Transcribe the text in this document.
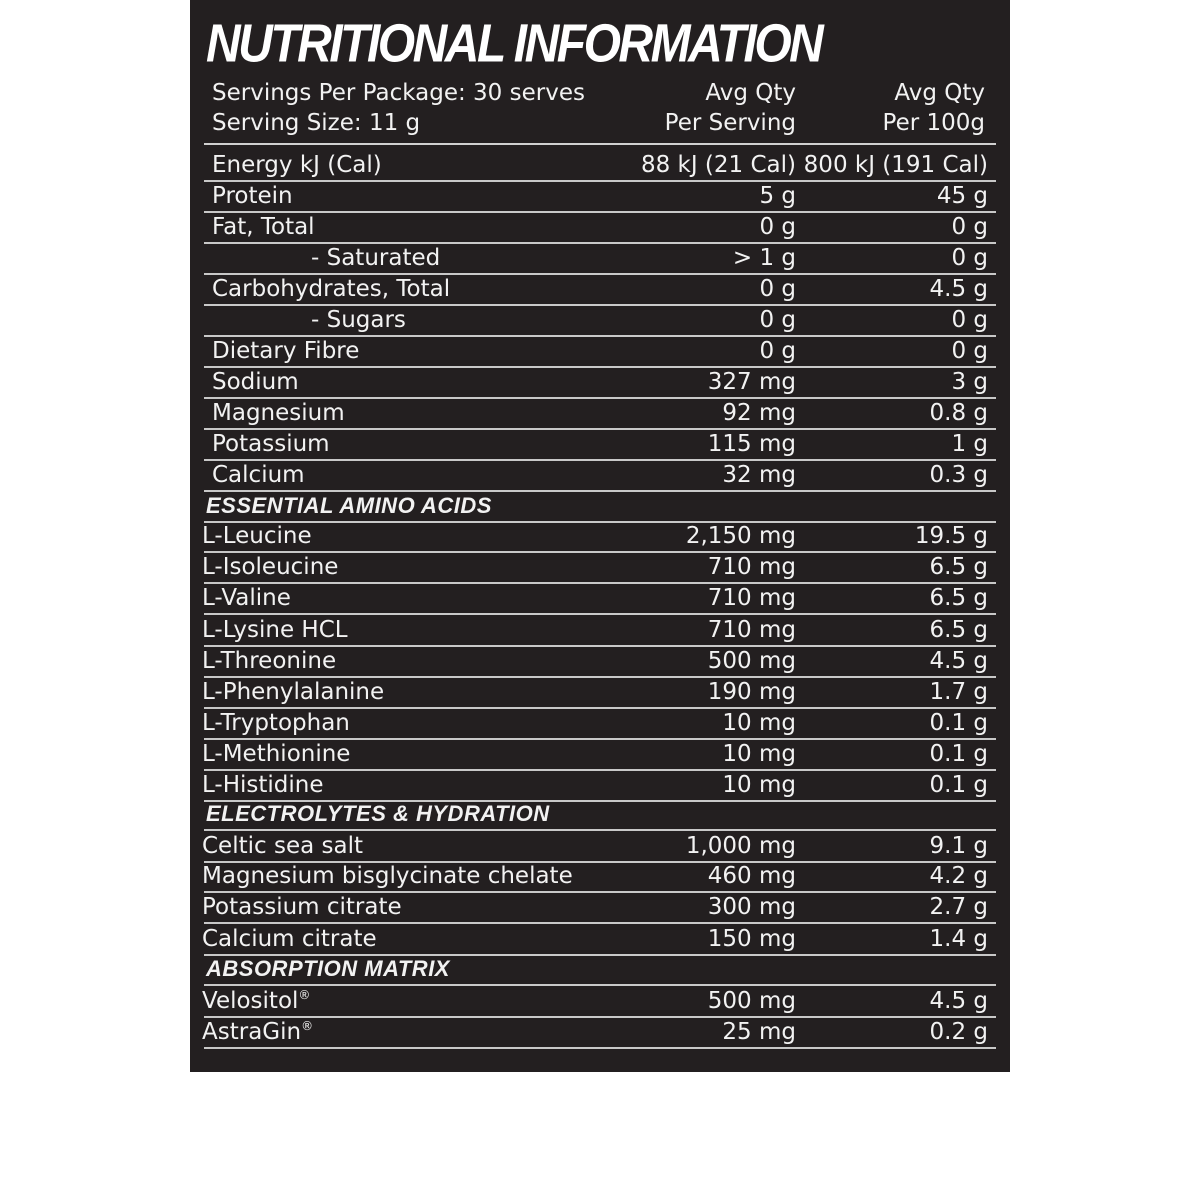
NUTRITIONAL INFORMATION
Servings Per Package: 30 serves
Serving Size: 11 g
Avg Qty
Per Serving
Avg Qty
Per 100g
Energy kJ (Cal)	88 kJ (21 Cal) 800 kJ (191 Cal)
Protein	5 g	45 g
Fat, Total	0 g	0 g
- Saturated	> 1 g	0 g
Carbohydrates, Total	0 g	4.5 g
- Sugars	0 g	0 g
Dietary Fibre	0 g	0 g
Sodium	327 mg	3 g
Magnesium	92 mg	0.8 g
Potassium	115 mg	1 g
Calcium	32 mg	0.3 g
ESSENTIAL AMINO ACIDS
L-Leucine	2,150 mg	19.5 g
L-Isoleucine	710 mg	6.5 g
L-Valine	710 mg	6.5 g
L-Lysine HCL	710 mg	6.5 g
L-Threonine	500 mg	4.5 g
L-Phenylalanine	190 mg	1.7 g
L-Tryptophan	10 mg	0.1 g
L-Methionine	10 mg	0.1 g
L-Histidine	10 mg	0.1 g
ELECTROLYTES & HYDRATION
Celtic sea salt	1,000 mg	9.1 g
Magnesium bisglycinate chelate	460 mg	4.2 g
Potassium citrate	300 mg	2.7 g
Calcium citrate	150 mg	1.4 g
ABSORPTION MATRIX
Velositol®	500 mg	4.5 g
AstraGin®	25 mg	0.2 g
